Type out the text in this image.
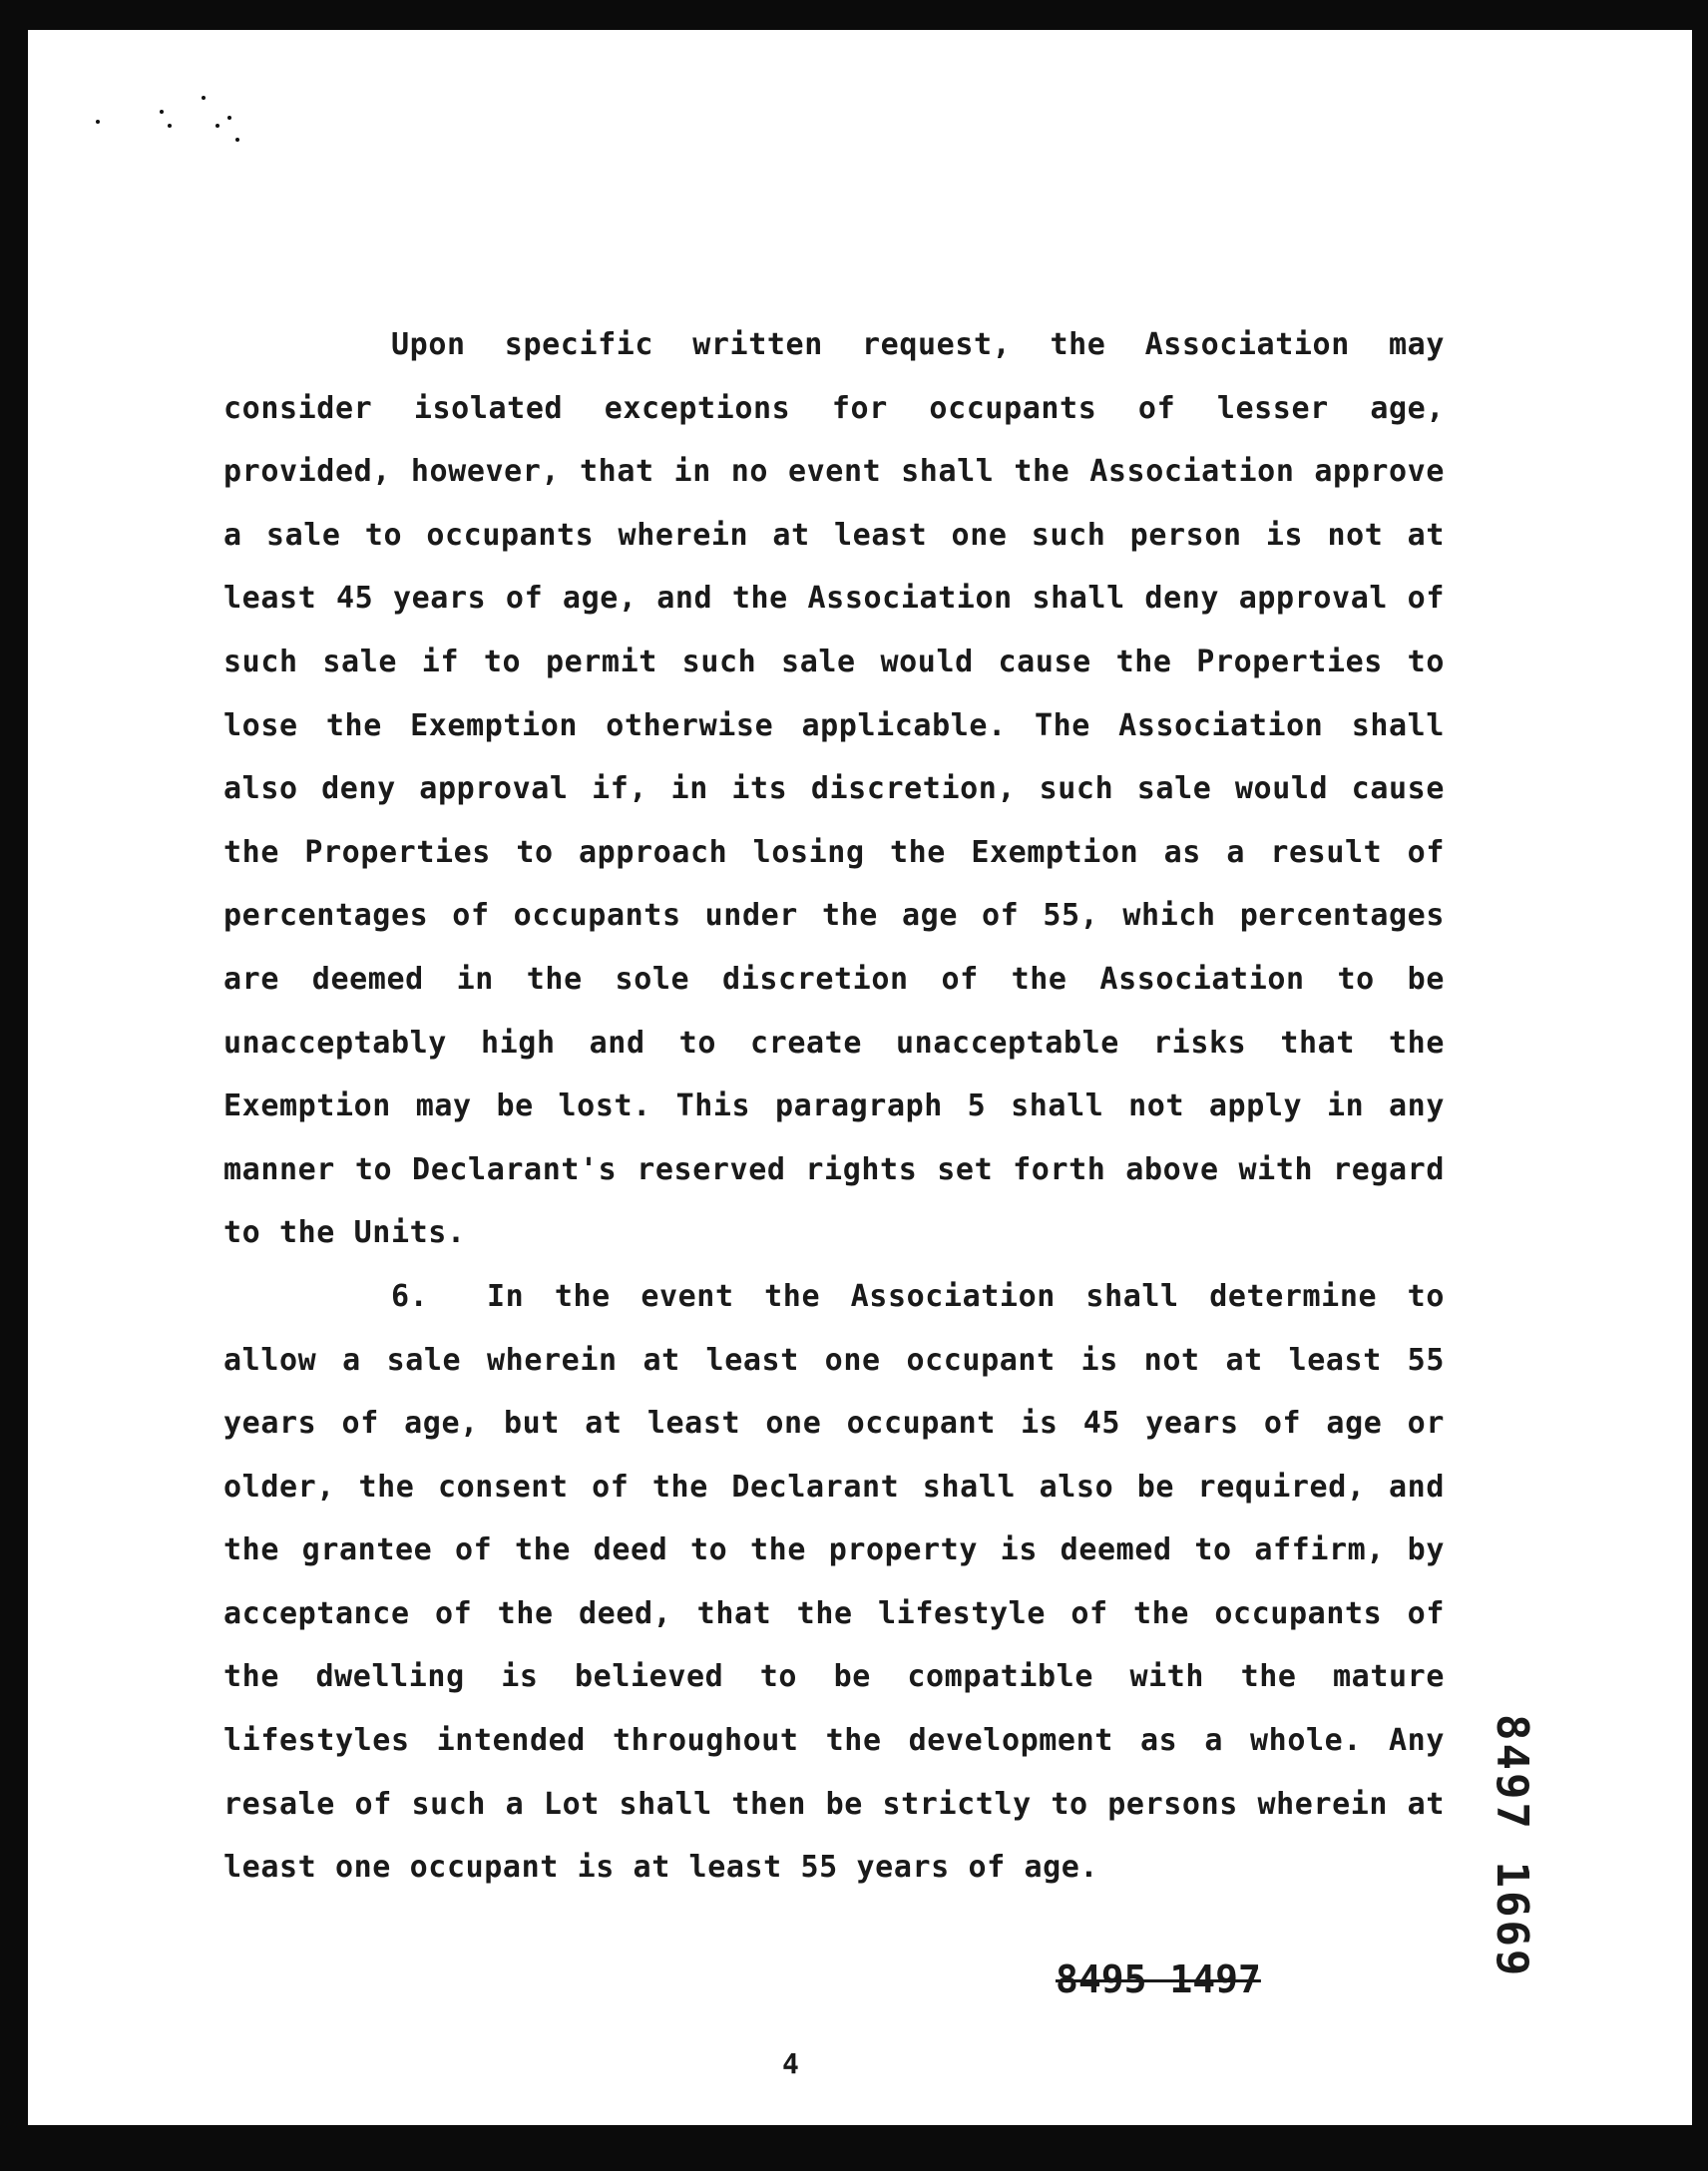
Upon specific written request, the Association may consider isolated exceptions for occupants of lesser age, provided, however, that in no event shall the Association approve a sale to occupants wherein at least one such person is not at least 45 years of age, and the Association shall deny approval of such sale if to permit such sale would cause the Properties to lose the Exemption otherwise applicable. The Association shall also deny approval if, in its discretion, such sale would cause the Properties to approach losing the Exemption as a result of percentages of occupants under the age of 55, which percentages are deemed in the sole discretion of the Association to be unacceptably high and to create unacceptable risks that the Exemption may be lost. This paragraph 5 shall not apply in any manner to Declarant's reserved rights set forth above with regard to the Units.

6. In the event the Association shall determine to allow a sale wherein at least one occupant is not at least 55 years of age, but at least one occupant is 45 years of age or older, the consent of the Declarant shall also be required, and the grantee of the deed to the property is deemed to affirm, by acceptance of the deed, that the lifestyle of the occupants of the dwelling is believed to be compatible with the mature lifestyles intended throughout the development as a whole. Any resale of such a Lot shall then be strictly to persons wherein at least one occupant is at least 55 years of age.	8497 1669
8495 1497
4
